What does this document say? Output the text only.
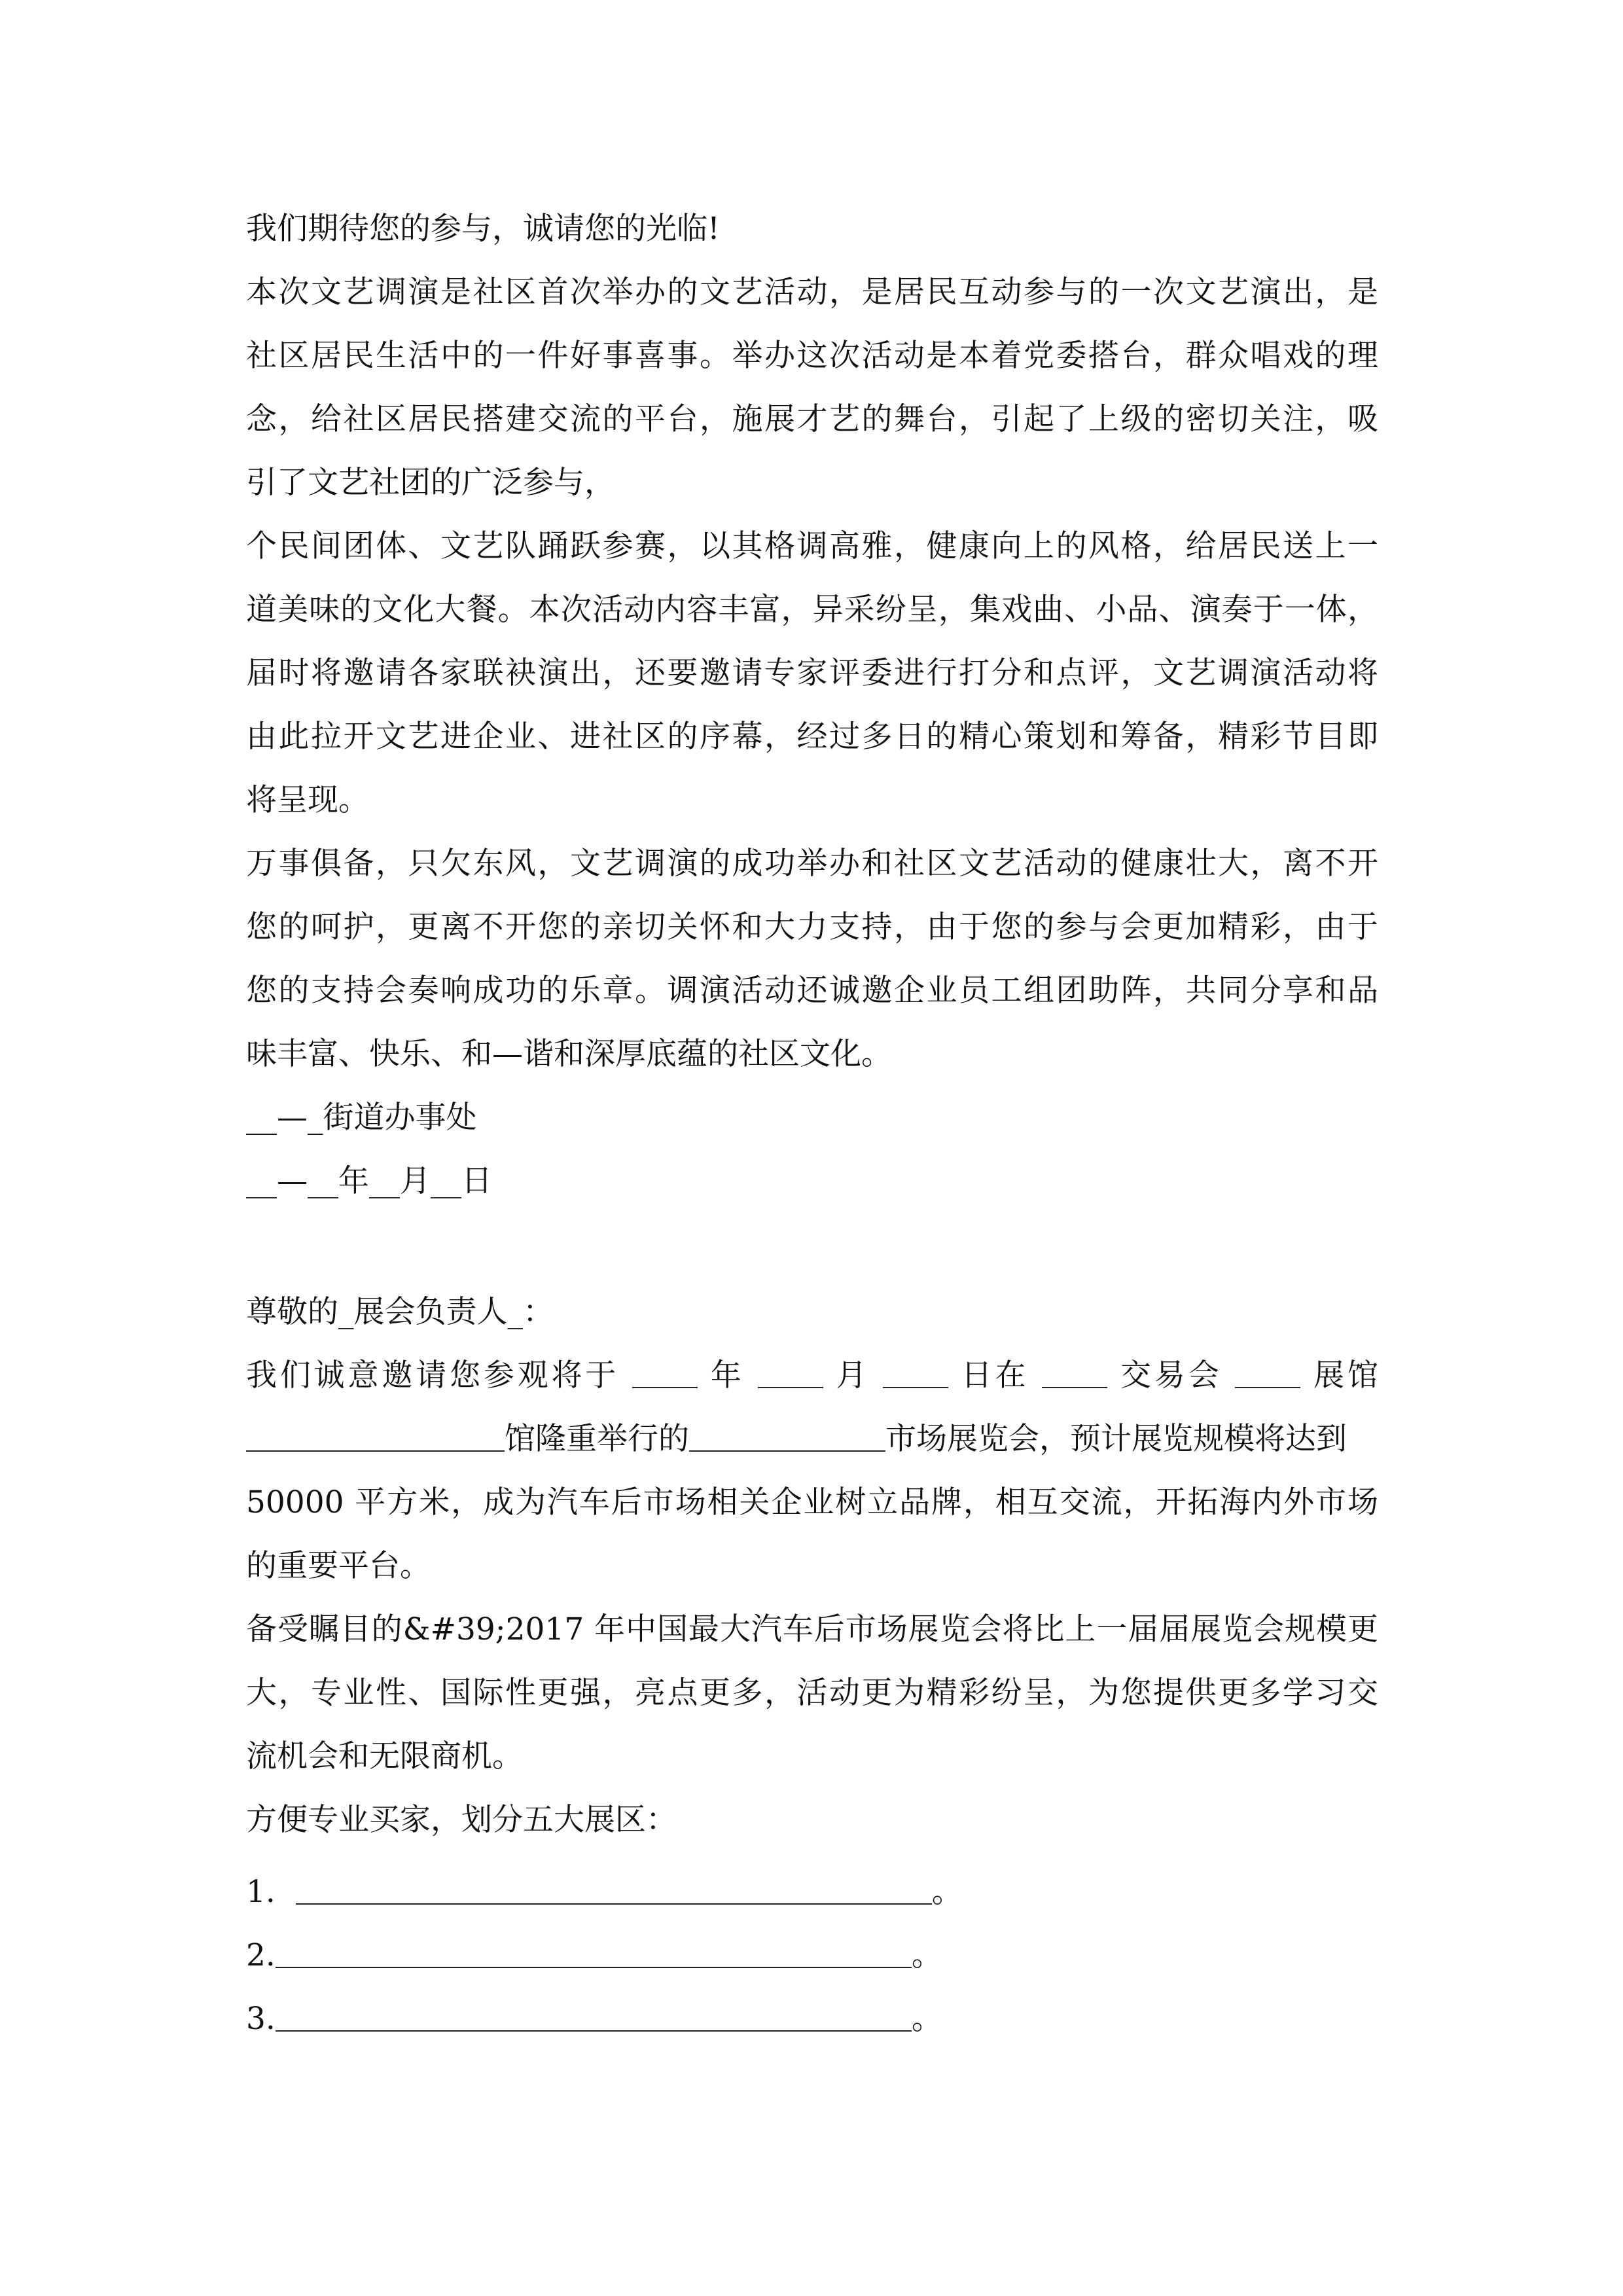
我们期待您的参与，诚请您的光临!

本次文艺调演是社区首次举办的文艺活动，是居民互动参与的一次文艺演出，是

社区居民生活中的一件好事喜事。举办这次活动是本着党委搭台，群众唱戏的理

念，给社区居民搭建交流的平台，施展才艺的舞台，引起了上级的密切关注，吸

引了文艺社团的广泛参与，

个民间团体、文艺队踊跃参赛，以其格调高雅，健康向上的风格，给居民送上一

道美味的文化大餐。本次活动内容丰富，异采纷呈，集戏曲、小品、演奏于一体，

届时将邀请各家联袂演出，还要邀请专家评委进行打分和点评，文艺调演活动将

由此拉开文艺进企业、进社区的序幕，经过多日的精心策划和筹备，精彩节目即

将呈现。

万事俱备，只欠东风，文艺调演的成功举办和社区文艺活动的健康壮大，离不开

您的呵护，更离不开您的亲切关怀和大力支持，由于您的参与会更加精彩，由于

您的支持会奏响成功的乐章。调演活动还诚邀企业员工组团助阵，共同分享和品

味丰富、快乐、和—谐和深厚底蕴的社区文化。

__—_街道办事处

__—__年__月__日

尊敬的_展会负责人_：

我们诚意邀请您参观将于	年	月	日在	交易会	展馆

馆隆重举行的	市场展览会，预计展览规模将达到

50000 平方米，成为汽车后市场相关企业树立品牌，相互交流，开拓海内外市场

的重要平台。

备受瞩目的&#39;2017 年中国最大汽车后市场展览会将比上一届届展览会规模更

大，专业性、国际性更强，亮点更多，活动更为精彩纷呈，为您提供更多学习交

流机会和无限商机。

方便专业买家，划分五大展区：

1.	。

2.	。

3.	。
